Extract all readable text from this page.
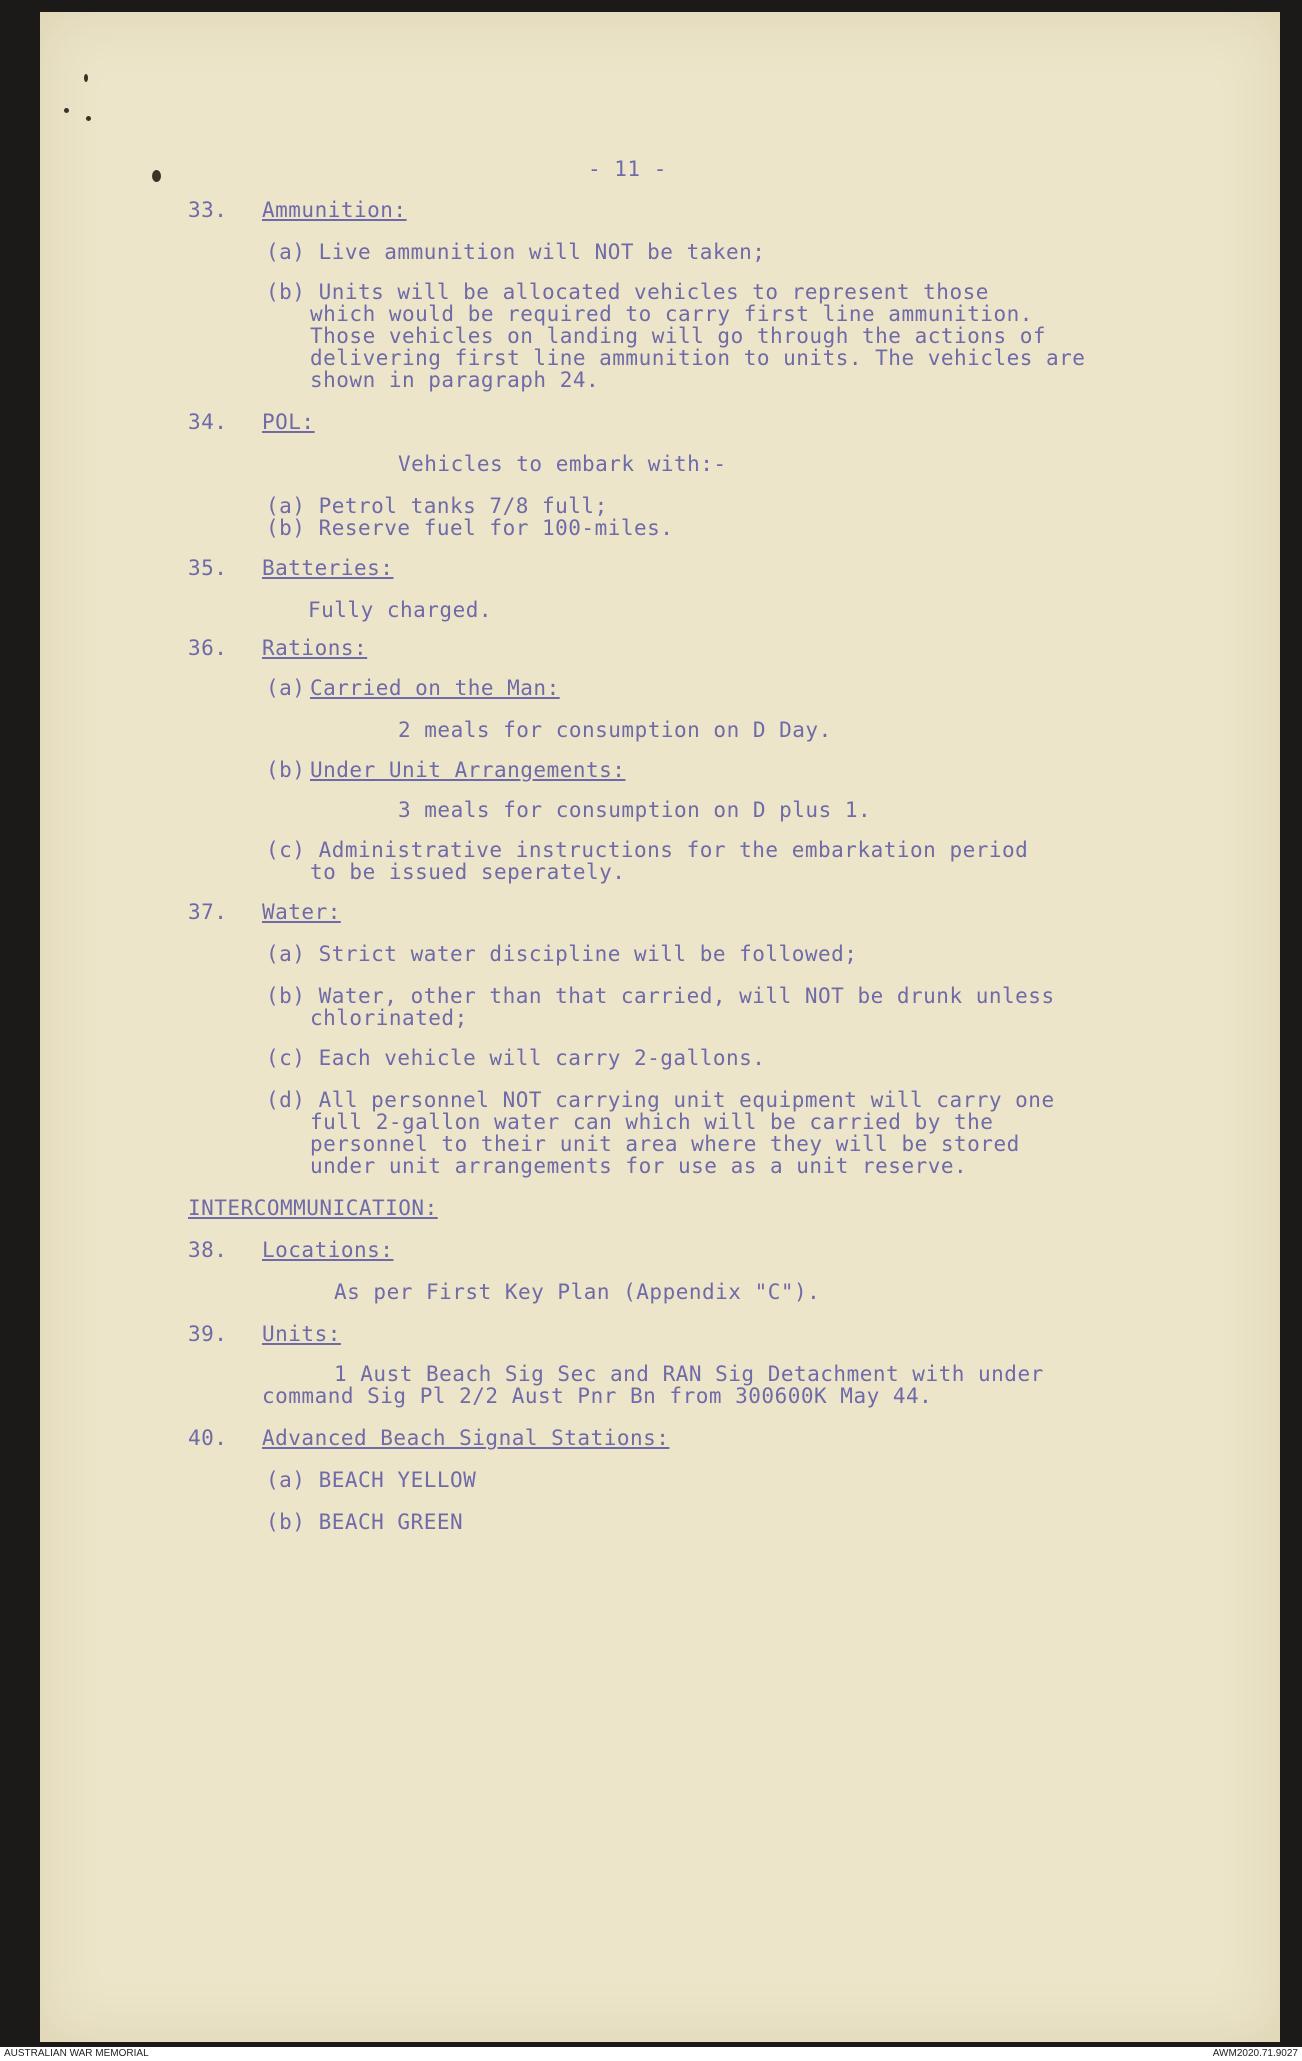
- 11 -
33. Ammunition:
(a) Live ammunition will NOT be taken;
(b) Units will be allocated vehicles to represent those
which would be required to carry first line ammunition.
Those vehicles on landing will go through the actions of
delivering first line ammunition to units. The vehicles are
shown in paragraph 24.
34. POL:
Vehicles to embark with:-
(a) Petrol tanks 7/8 full;
(b) Reserve fuel for 100-miles.
35. Batteries:
Fully charged.
36. Rations:
(a) Carried on the Man:
2 meals for consumption on D Day.
(b) Under Unit Arrangements:
3 meals for consumption on D plus 1.
(c) Administrative instructions for the embarkation period
to be issued seperately.
37. Water:
(a) Strict water discipline will be followed;
(b) Water, other than that carried, will NOT be drunk unless
chlorinated;
(c) Each vehicle will carry 2-gallons.
(d) All personnel NOT carrying unit equipment will carry one
full 2-gallon water can which will be carried by the
personnel to their unit area where they will be stored
under unit arrangements for use as a unit reserve.
INTERCOMMUNICATION:
38. Locations:
As per First Key Plan (Appendix "C").
39. Units:
1 Aust Beach Sig Sec and RAN Sig Detachment with under
command Sig Pl 2/2 Aust Pnr Bn from 300600K May 44.
40. Advanced Beach Signal Stations:
(a) BEACH YELLOW
(b) BEACH GREEN
AUSTRALIAN WAR MEMORIAL	AWM2020.71.9027
